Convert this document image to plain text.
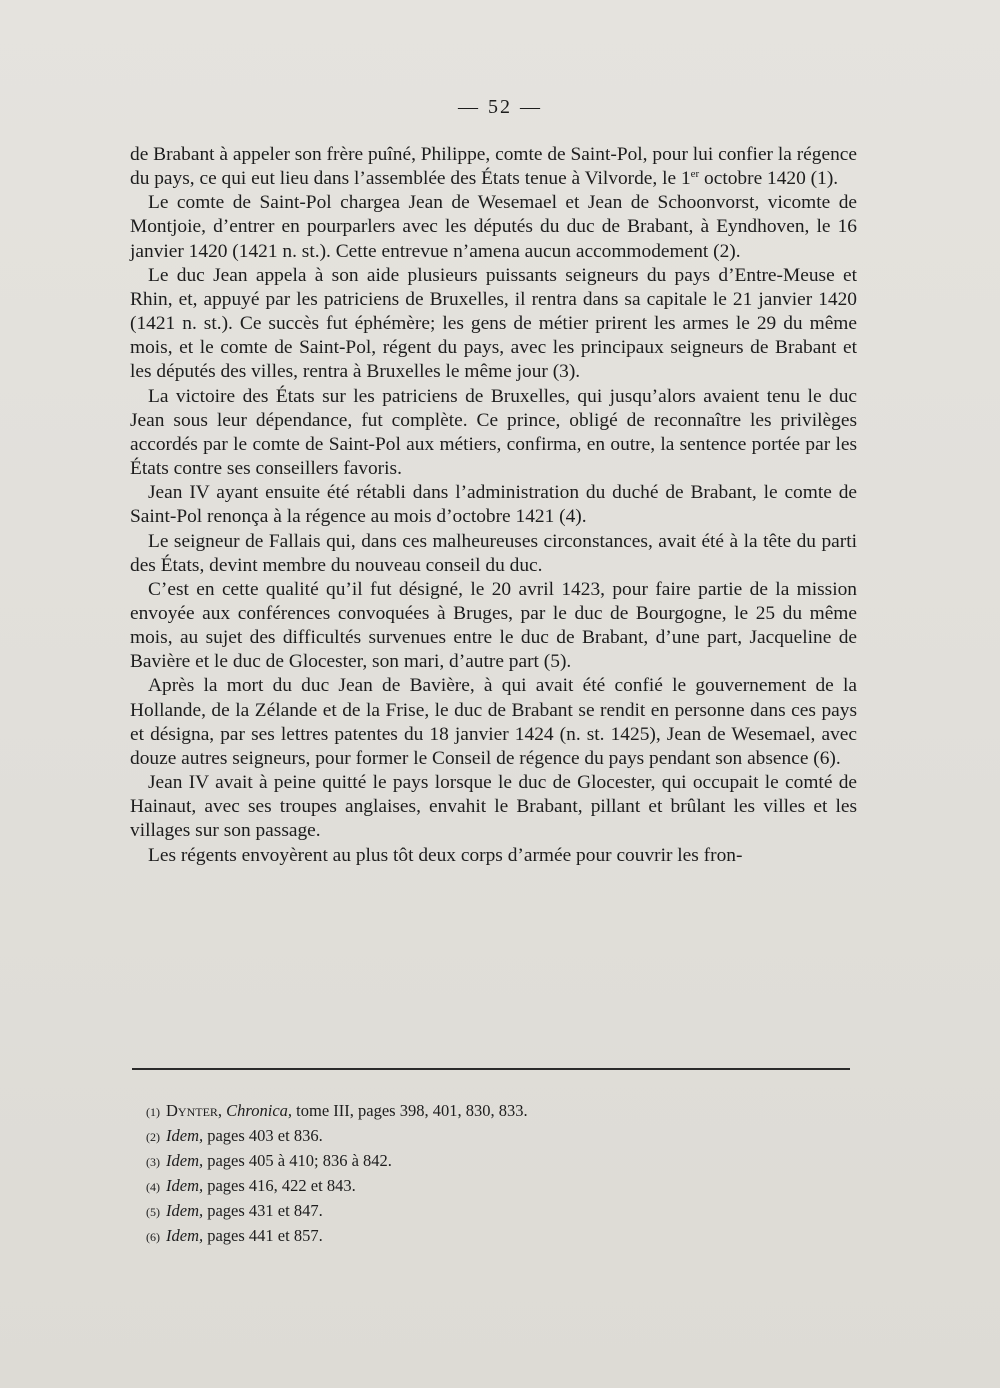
— 52 —

de Brabant à appeler son frère puîné, Philippe, comte de Saint-Pol, pour lui confier la régence du pays, ce qui eut lieu dans l’assemblée des États tenue à Vilvorde, le 1er octobre 1420 (1).

Le comte de Saint-Pol chargea Jean de Wesemael et Jean de Schoonvorst, vicomte de Montjoie, d’entrer en pourparlers avec les députés du duc de Brabant, à Eyndhoven, le 16 janvier 1420 (1421 n. st.). Cette entrevue n’amena aucun accommodement (2).

Le duc Jean appela à son aide plusieurs puissants seigneurs du pays d’Entre-Meuse et Rhin, et, appuyé par les patriciens de Bruxelles, il rentra dans sa capitale le 21 janvier 1420 (1421 n. st.). Ce succès fut éphémère; les gens de métier prirent les armes le 29 du même mois, et le comte de Saint-Pol, régent du pays, avec les principaux seigneurs de Brabant et les députés des villes, rentra à Bruxelles le même jour (3).

La victoire des États sur les patriciens de Bruxelles, qui jusqu’alors avaient tenu le duc Jean sous leur dépendance, fut complète. Ce prince, obligé de reconnaître les privilèges accordés par le comte de Saint-Pol aux métiers, confirma, en outre, la sentence portée par les États contre ses conseillers favoris.

Jean IV ayant ensuite été rétabli dans l’administration du duché de Brabant, le comte de Saint-Pol renonça à la régence au mois d’octobre 1421 (4).

Le seigneur de Fallais qui, dans ces malheureuses circonstances, avait été à la tête du parti des États, devint membre du nouveau conseil du duc.

C’est en cette qualité qu’il fut désigné, le 20 avril 1423, pour faire partie de la mission envoyée aux conférences convoquées à Bruges, par le duc de Bourgogne, le 25 du même mois, au sujet des difficultés survenues entre le duc de Brabant, d’une part, Jacqueline de Bavière et le duc de Glocester, son mari, d’autre part (5).

Après la mort du duc Jean de Bavière, à qui avait été confié le gouvernement de la Hollande, de la Zélande et de la Frise, le duc de Brabant se rendit en personne dans ces pays et désigna, par ses lettres patentes du 18 janvier 1424 (n. st. 1425), Jean de Wesemael, avec douze autres seigneurs, pour former le Conseil de régence du pays pendant son absence (6).

Jean IV avait à peine quitté le pays lorsque le duc de Glocester, qui occupait le comté de Hainaut, avec ses troupes anglaises, envahit le Brabant, pillant et brûlant les villes et les villages sur son passage.

Les régents envoyèrent au plus tôt deux corps d’armée pour couvrir les fron-

(1) Dynter, Chronica, tome III, pages 398, 401, 830, 833.
(2) Idem, pages 403 et 836.
(3) Idem, pages 405 à 410; 836 à 842.
(4) Idem, pages 416, 422 et 843.
(5) Idem, pages 431 et 847.
(6) Idem, pages 441 et 857.
